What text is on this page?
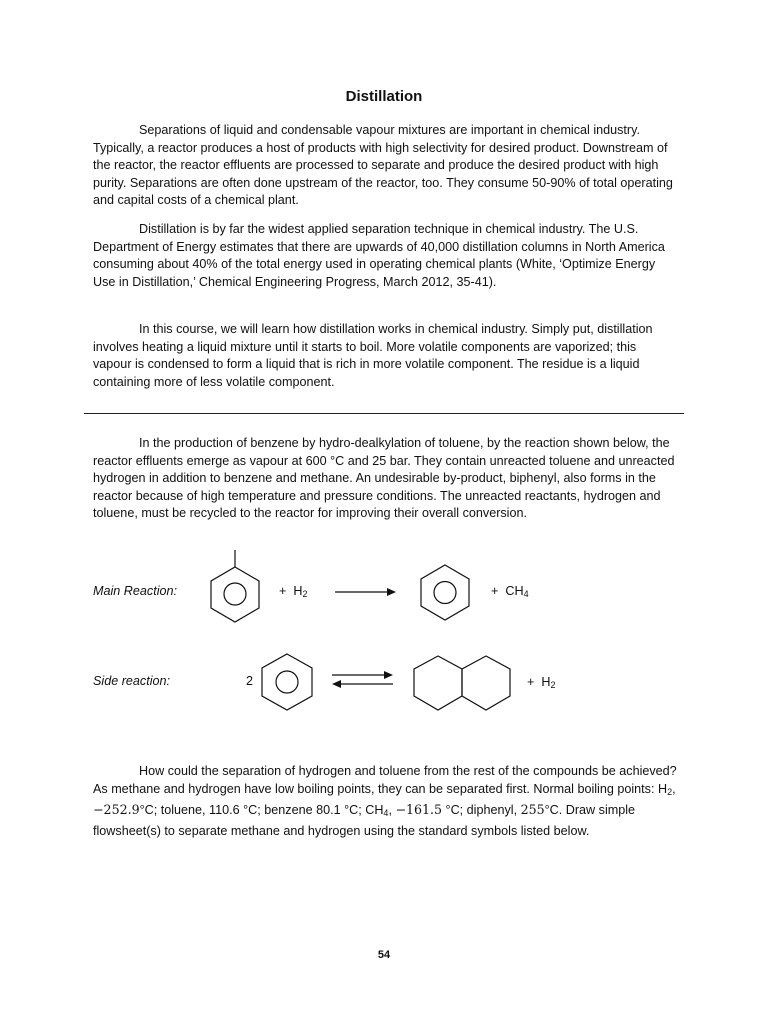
Distillation
Separations of liquid and condensable vapour mixtures are important in chemical industry. Typically, a reactor produces a host of products with high selectivity for desired product. Downstream of the reactor, the reactor effluents are processed to separate and produce the desired product with high purity. Separations are often done upstream of the reactor, too. They consume 50-90% of total operating and capital costs of a chemical plant.
Distillation is by far the widest applied separation technique in chemical industry. The U.S. Department of Energy estimates that there are upwards of 40,000 distillation columns in North America consuming about 40% of the total energy used in operating chemical plants (White, ‘Optimize Energy Use in Distillation,’ Chemical Engineering Progress, March 2012, 35-41).
In this course, we will learn how distillation works in chemical industry. Simply put, distillation involves heating a liquid mixture until it starts to boil. More volatile components are vaporized; this vapour is condensed to form a liquid that is rich in more volatile component. The residue is a liquid containing more of less volatile component.
In the production of benzene by hydro-dealkylation of toluene, by the reaction shown below, the reactor effluents emerge as vapour at 600 °C and 25 bar. They contain unreacted toluene and unreacted hydrogen in addition to benzene and methane. An undesirable by-product, biphenyl, also forms in the reactor because of high temperature and pressure conditions. The unreacted reactants, hydrogen and toluene, must be recycled to the reactor for improving their overall conversion.
Main Reaction:	+ $H_2$	+ $CH_4$
Side reaction:	2	+ $H_2$
How could the separation of hydrogen and toluene from the rest of the compounds be achieved? As methane and hydrogen have low boiling points, they can be separated first. Normal boiling points: $H_2$, −252.9°C; toluene, 110.6 °C; benzene 80.1 °C; $CH_4$, −161.5 °C; diphenyl, 255°C. Draw simple flowsheet(s) to separate methane and hydrogen using the standard symbols listed below.
54
